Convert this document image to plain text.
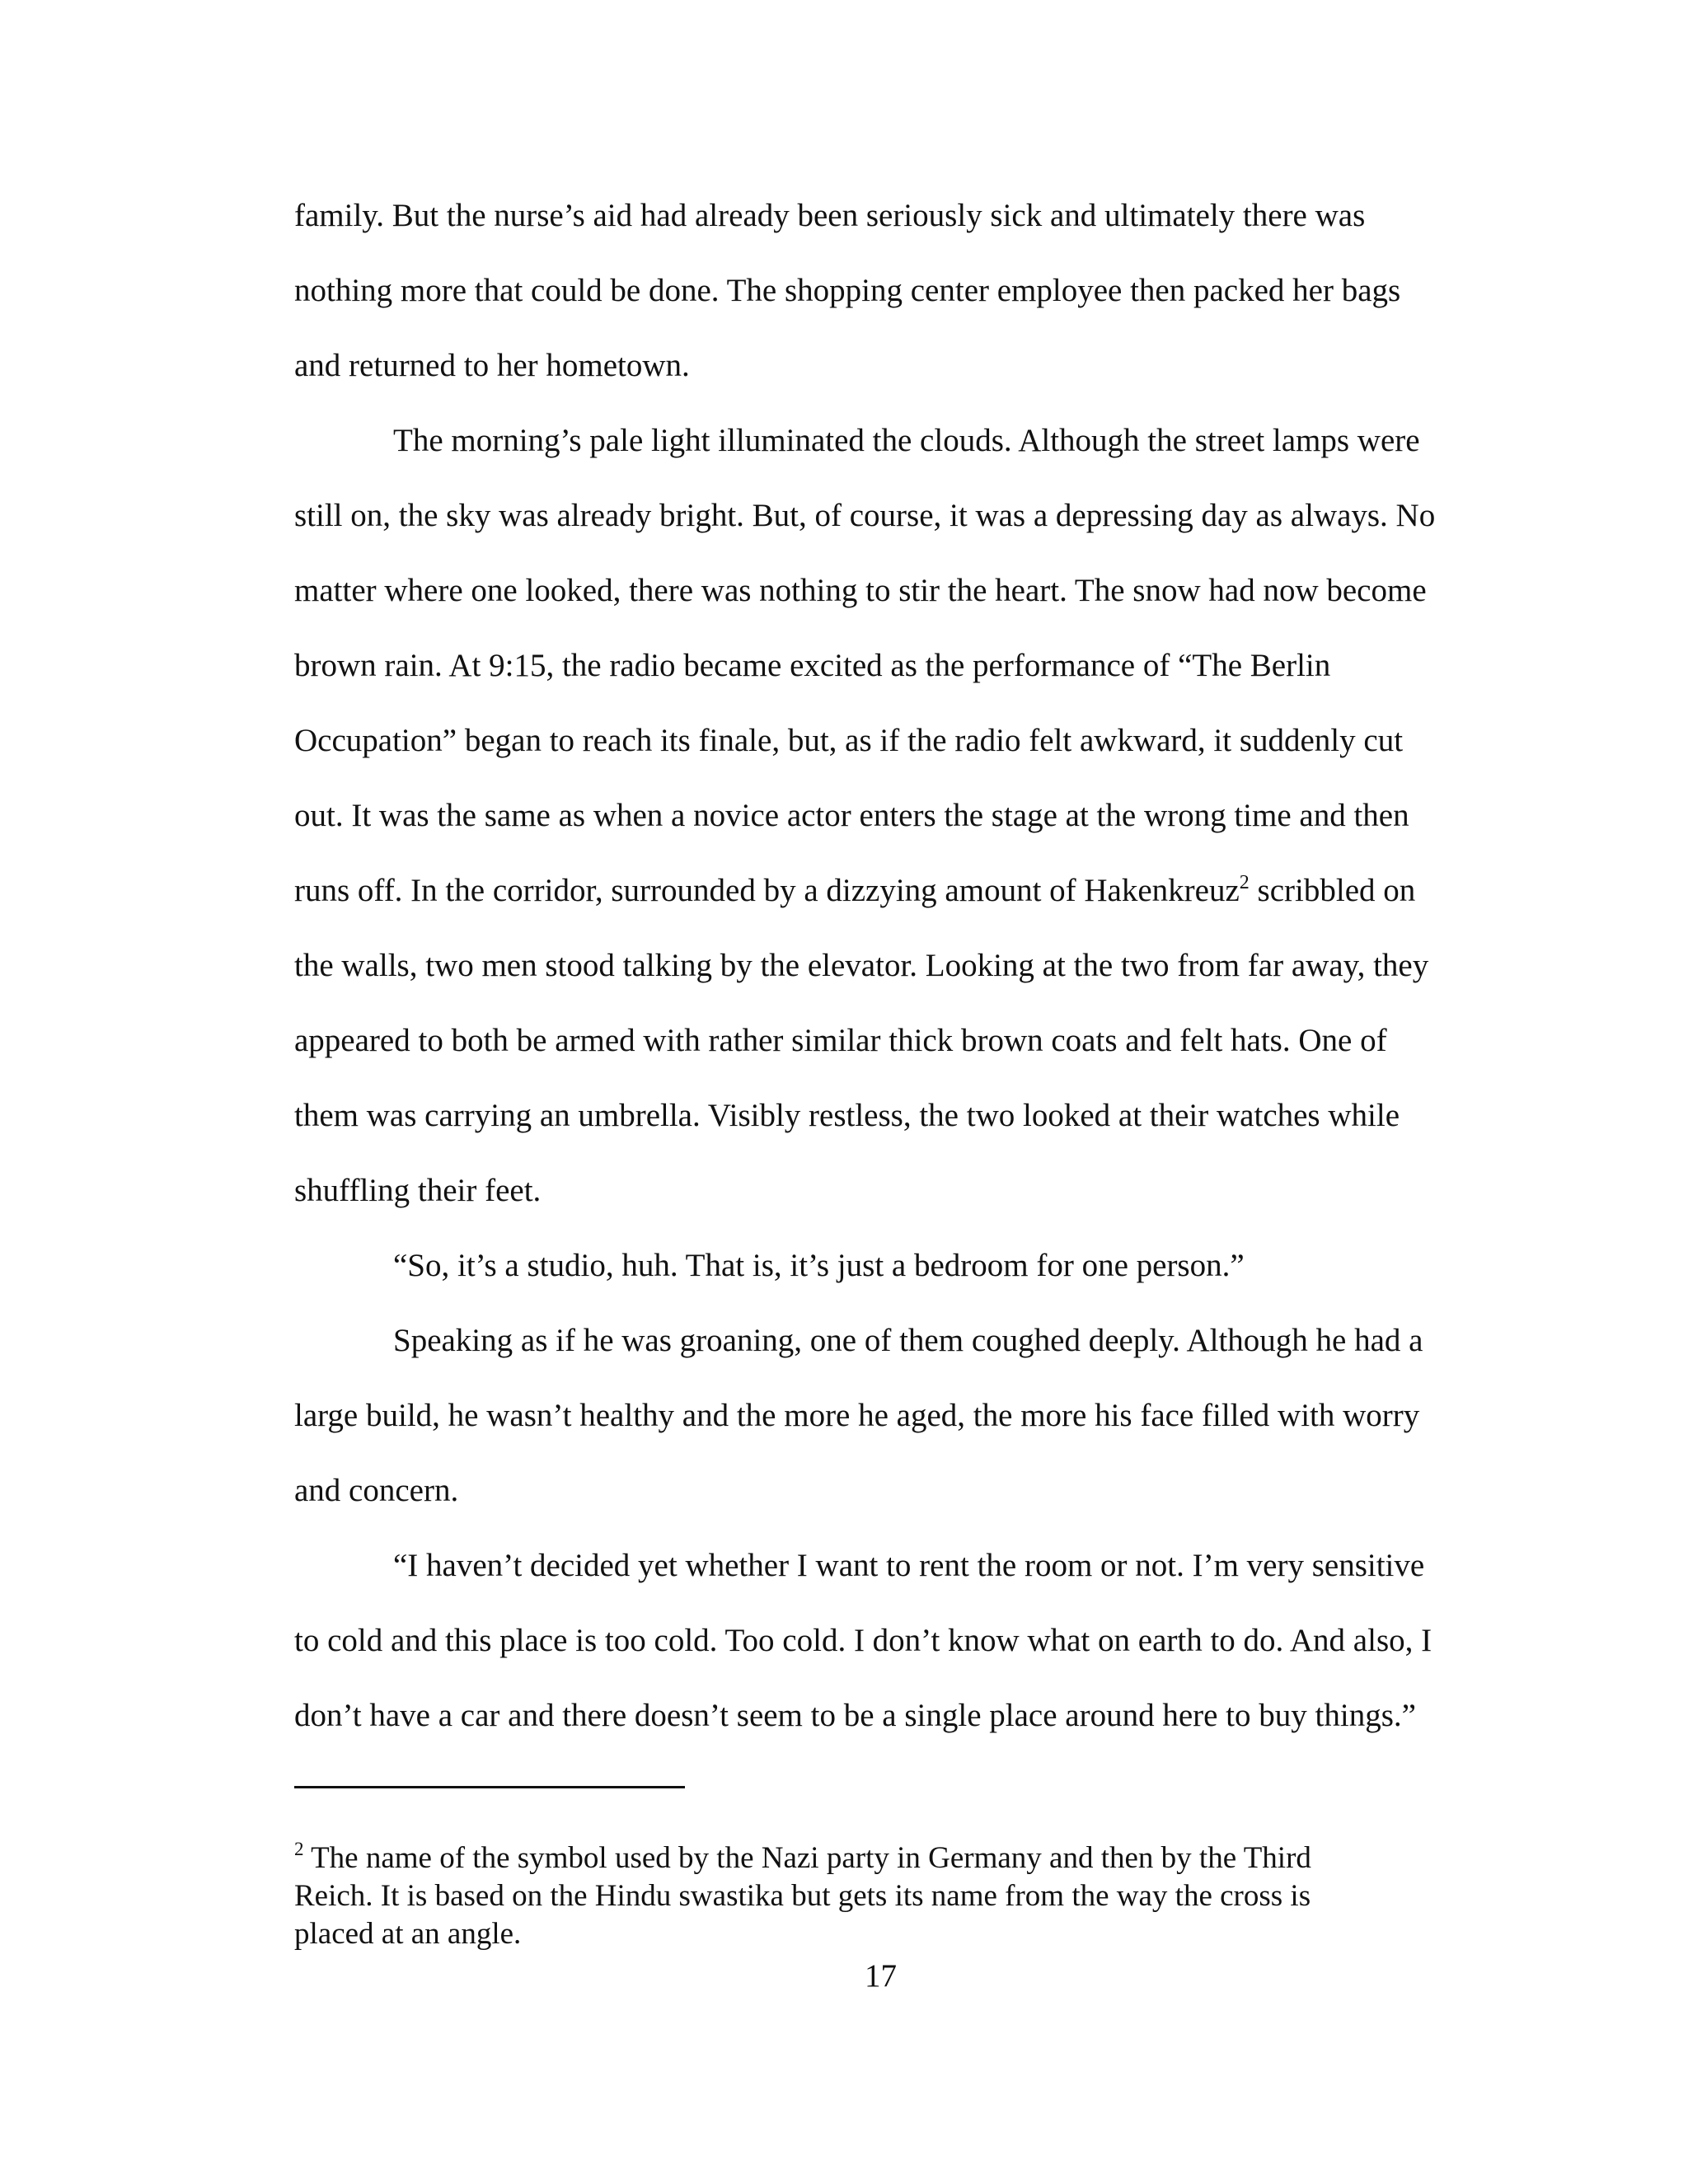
family. But the nurse’s aid had already been seriously sick and ultimately there was

nothing more that could be done. The shopping center employee then packed her bags

and returned to her hometown.

The morning’s pale light illuminated the clouds. Although the street lamps were

still on, the sky was already bright. But, of course, it was a depressing day as always. No

matter where one looked, there was nothing to stir the heart. The snow had now become

brown rain. At 9:15, the radio became excited as the performance of “The Berlin

Occupation” began to reach its finale, but, as if the radio felt awkward, it suddenly cut

out. It was the same as when a novice actor enters the stage at the wrong time and then

runs off. In the corridor, surrounded by a dizzying amount of Hakenkreuz$^2$ scribbled on

the walls, two men stood talking by the elevator. Looking at the two from far away, they

appeared to both be armed with rather similar thick brown coats and felt hats. One of

them was carrying an umbrella. Visibly restless, the two looked at their watches while

shuffling their feet.

“So, it’s a studio, huh. That is, it’s just a bedroom for one person.”

Speaking as if he was groaning, one of them coughed deeply. Although he had a

large build, he wasn’t healthy and the more he aged, the more his face filled with worry

and concern.

“I haven’t decided yet whether I want to rent the room or not. I’m very sensitive

to cold and this place is too cold. Too cold. I don’t know what on earth to do. And also, I

don’t have a car and there doesn’t seem to be a single place around here to buy things.”

$^2$ The name of the symbol used by the Nazi party in Germany and then by the Third

Reich. It is based on the Hindu swastika but gets its name from the way the cross is

placed at an angle.

17
